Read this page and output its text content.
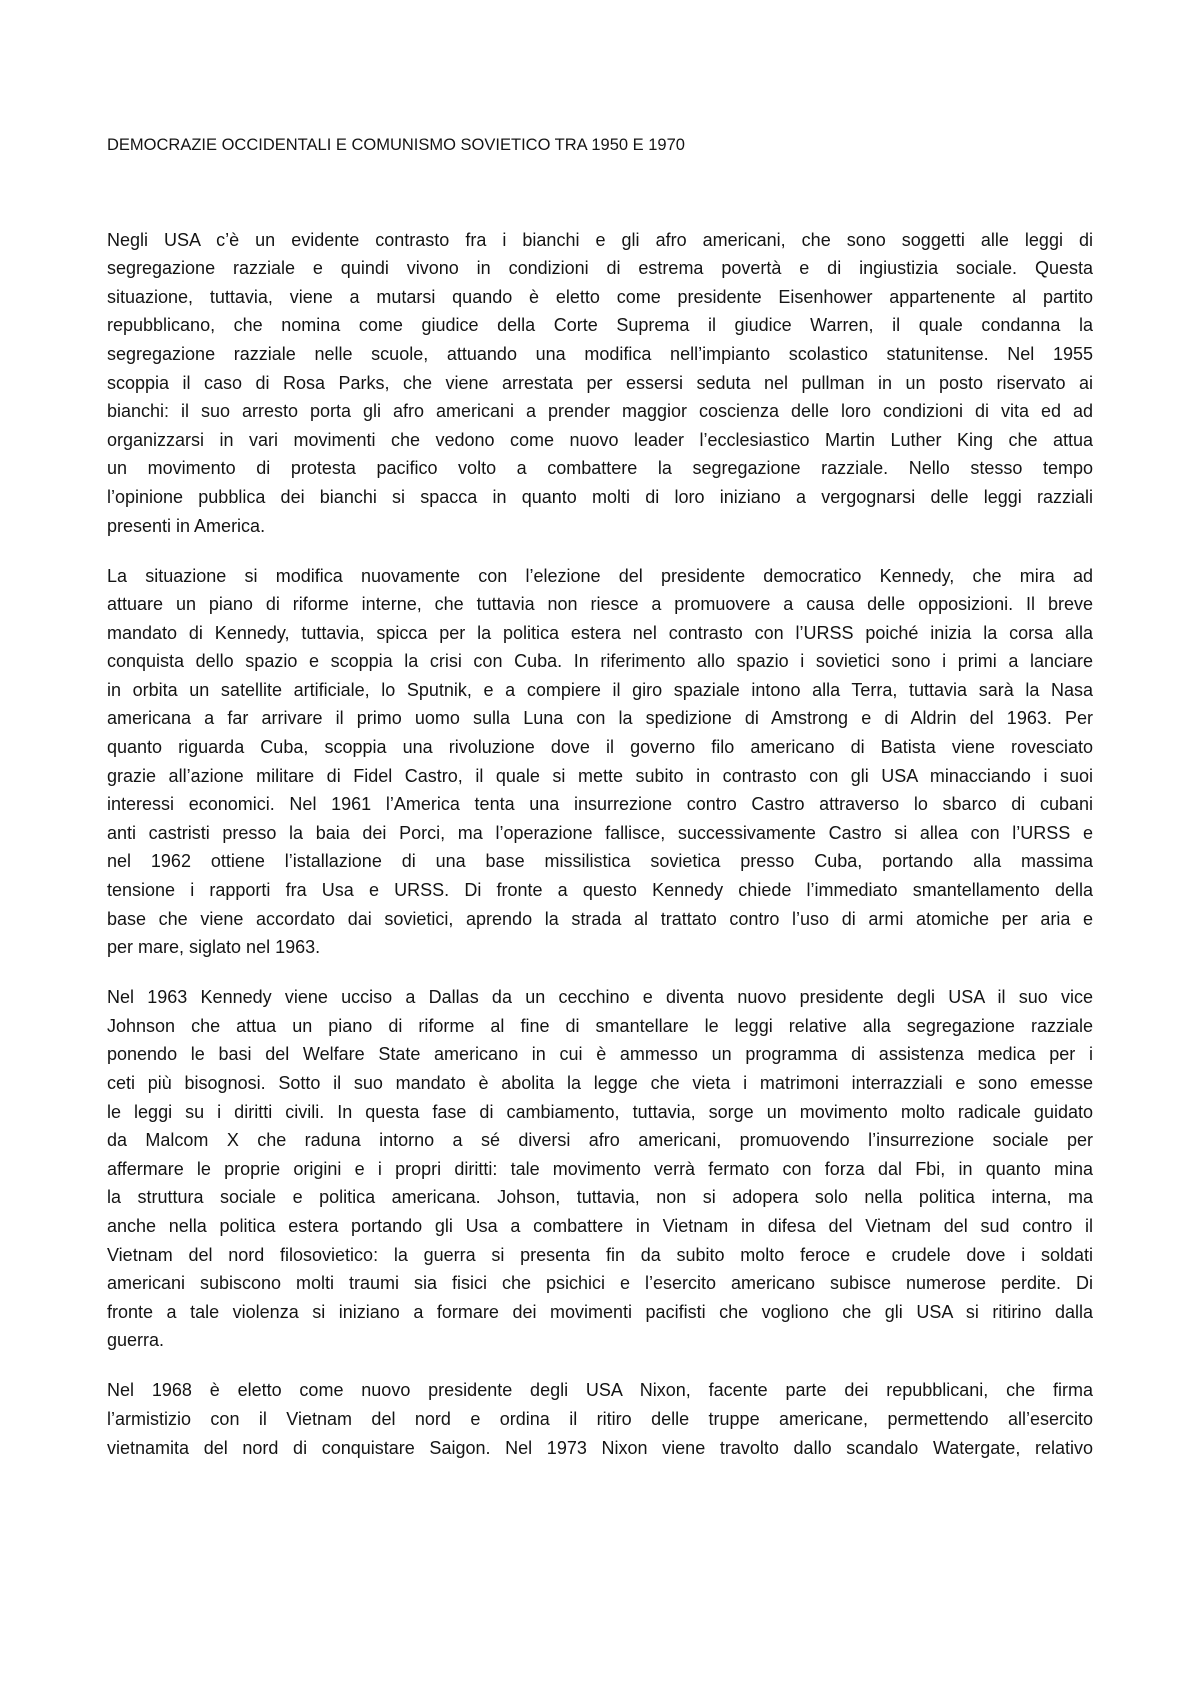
DEMOCRAZIE OCCIDENTALI E COMUNISMO SOVIETICO TRA 1950 E 1970
Negli USA c’è un evidente contrasto fra i bianchi e gli afro americani, che sono soggetti alle leggi di
segregazione razziale e quindi vivono in condizioni di estrema povertà e di ingiustizia sociale. Questa
situazione, tuttavia, viene a mutarsi quando è eletto come presidente Eisenhower appartenente al partito
repubblicano, che nomina come giudice della Corte Suprema il giudice Warren, il quale condanna la
segregazione razziale nelle scuole, attuando una modifica nell’impianto scolastico statunitense. Nel 1955
scoppia il caso di Rosa Parks, che viene arrestata per essersi seduta nel pullman in un posto riservato ai
bianchi: il suo arresto porta gli afro americani a prender maggior coscienza delle loro condizioni di vita ed ad
organizzarsi in vari movimenti che vedono come nuovo leader l’ecclesiastico Martin Luther King che attua
un movimento di protesta pacifico volto a combattere la segregazione razziale. Nello stesso tempo
l’opinione pubblica dei bianchi si spacca in quanto molti di loro iniziano a vergognarsi delle leggi razziali
presenti in America.
La situazione si modifica nuovamente con l’elezione del presidente democratico Kennedy, che mira ad
attuare un piano di riforme interne, che tuttavia non riesce a promuovere a causa delle opposizioni. Il breve
mandato di Kennedy, tuttavia, spicca per la politica estera nel contrasto con l’URSS poiché inizia la corsa alla
conquista dello spazio e scoppia la crisi con Cuba. In riferimento allo spazio i sovietici sono i primi a lanciare
in orbita un satellite artificiale, lo Sputnik, e a compiere il giro spaziale intono alla Terra, tuttavia sarà la Nasa
americana a far arrivare il primo uomo sulla Luna con la spedizione di Amstrong e di Aldrin del 1963. Per
quanto riguarda Cuba, scoppia una rivoluzione dove il governo filo americano di Batista viene rovesciato
grazie all’azione militare di Fidel Castro, il quale si mette subito in contrasto con gli USA minacciando i suoi
interessi economici. Nel 1961 l’America tenta una insurrezione contro Castro attraverso lo sbarco di cubani
anti castristi presso la baia dei Porci, ma l’operazione fallisce, successivamente Castro si allea con l’URSS e
nel 1962 ottiene l’istallazione di una base missilistica sovietica presso Cuba, portando alla massima
tensione i rapporti fra Usa e URSS. Di fronte a questo Kennedy chiede l’immediato smantellamento della
base che viene accordato dai sovietici, aprendo la strada al trattato contro l’uso di armi atomiche per aria e
per mare, siglato nel 1963.
Nel 1963 Kennedy viene ucciso a Dallas da un cecchino e diventa nuovo presidente degli USA il suo vice
Johnson che attua un piano di riforme al fine di smantellare le leggi relative alla segregazione razziale
ponendo le basi del Welfare State americano in cui è ammesso un programma di assistenza medica per i
ceti più bisognosi. Sotto il suo mandato è abolita la legge che vieta i matrimoni interrazziali e sono emesse
le leggi su i diritti civili. In questa fase di cambiamento, tuttavia, sorge un movimento molto radicale guidato
da Malcom X che raduna intorno a sé diversi afro americani, promuovendo l’insurrezione sociale per
affermare le proprie origini e i propri diritti: tale movimento verrà fermato con forza dal Fbi, in quanto mina
la struttura sociale e politica americana. Johson, tuttavia, non si adopera solo nella politica interna, ma
anche nella politica estera portando gli Usa a combattere in Vietnam in difesa del Vietnam del sud contro il
Vietnam del nord filosovietico: la guerra si presenta fin da subito molto feroce e crudele dove i soldati
americani subiscono molti traumi sia fisici che psichici e l’esercito americano subisce numerose perdite. Di
fronte a tale violenza si iniziano a formare dei movimenti pacifisti che vogliono che gli USA si ritirino dalla
guerra.
Nel 1968 è eletto come nuovo presidente degli USA Nixon, facente parte dei repubblicani, che firma
l’armistizio con il Vietnam del nord e ordina il ritiro delle truppe americane, permettendo all’esercito
vietnamita del nord di conquistare Saigon. Nel 1973 Nixon viene travolto dallo scandalo Watergate, relativo
